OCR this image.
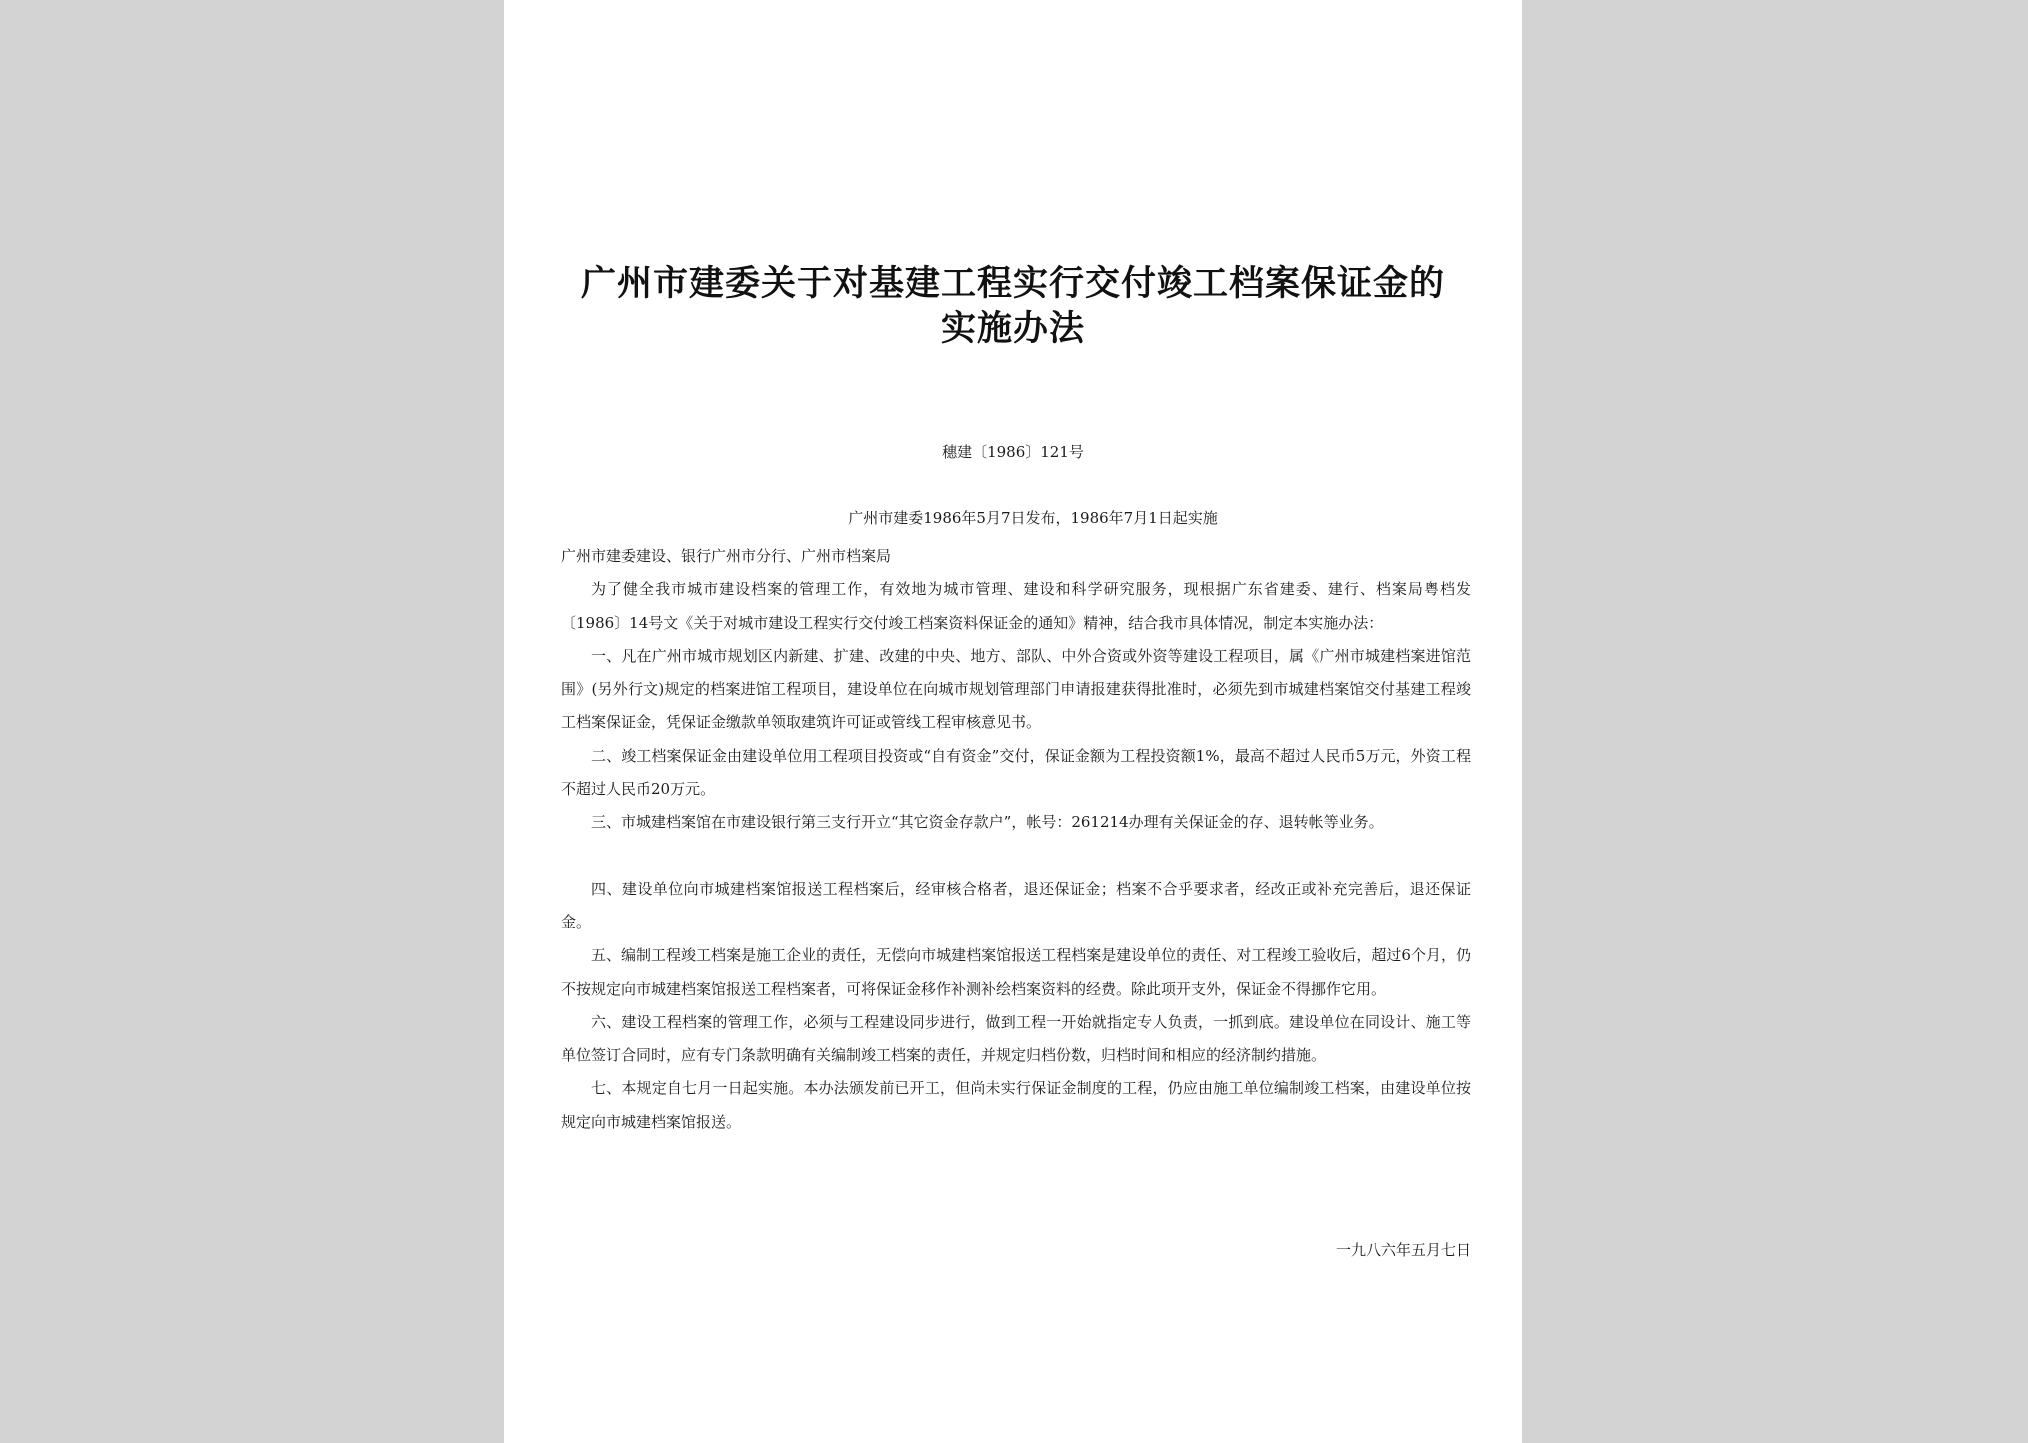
广州市建委关于对基建工程实行交付竣工档案保证金的
实施办法
穗建〔1986〕121号
广州市建委1986年5月7日发布，1986年7月1日起实施

广州市建委建设、银行广州市分行、广州市档案局

为了健全我市城市建设档案的管理工作，有效地为城市管理、建设和科学研究服务，现根据广东省建委、建行、档案局粤档发〔1986〕14号文《关于对城市建设工程实行交付竣工档案资料保证金的通知》精神，结合我市具体情况，制定本实施办法：

一、凡在广州市城市规划区内新建、扩建、改建的中央、地方、部队、中外合资或外资等建设工程项目，属《广州市城建档案进馆范围》(另外行文)规定的档案进馆工程项目，建设单位在向城市规划管理部门申请报建获得批准时，必须先到市城建档案馆交付基建工程竣工档案保证金，凭保证金缴款单领取建筑许可证或管线工程审核意见书。

二、竣工档案保证金由建设单位用工程项目投资或“自有资金”交付，保证金额为工程投资额1%，最高不超过人民币5万元，外资工程不超过人民币20万元。

三、市城建档案馆在市建设银行第三支行开立“其它资金存款户”，帐号：261214办理有关保证金的存、退转帐等业务。

四、建设单位向市城建档案馆报送工程档案后，经审核合格者，退还保证金；档案不合乎要求者，经改正或补充完善后，退还保证金。

五、编制工程竣工档案是施工企业的责任，无偿向市城建档案馆报送工程档案是建设单位的责任、对工程竣工验收后，超过6个月，仍不按规定向市城建档案馆报送工程档案者，可将保证金移作补测补绘档案资料的经费。除此项开支外，保证金不得挪作它用。

六、建设工程档案的管理工作，必须与工程建设同步进行，做到工程一开始就指定专人负责，一抓到底。建设单位在同设计、施工等单位签订合同时，应有专门条款明确有关编制竣工档案的责任，并规定归档份数，归档时间和相应的经济制约措施。

七、本规定自七月一日起实施。本办法颁发前已开工，但尚未实行保证金制度的工程，仍应由施工单位编制竣工档案，由建设单位按规定向市城建档案馆报送。

一九八六年五月七日
